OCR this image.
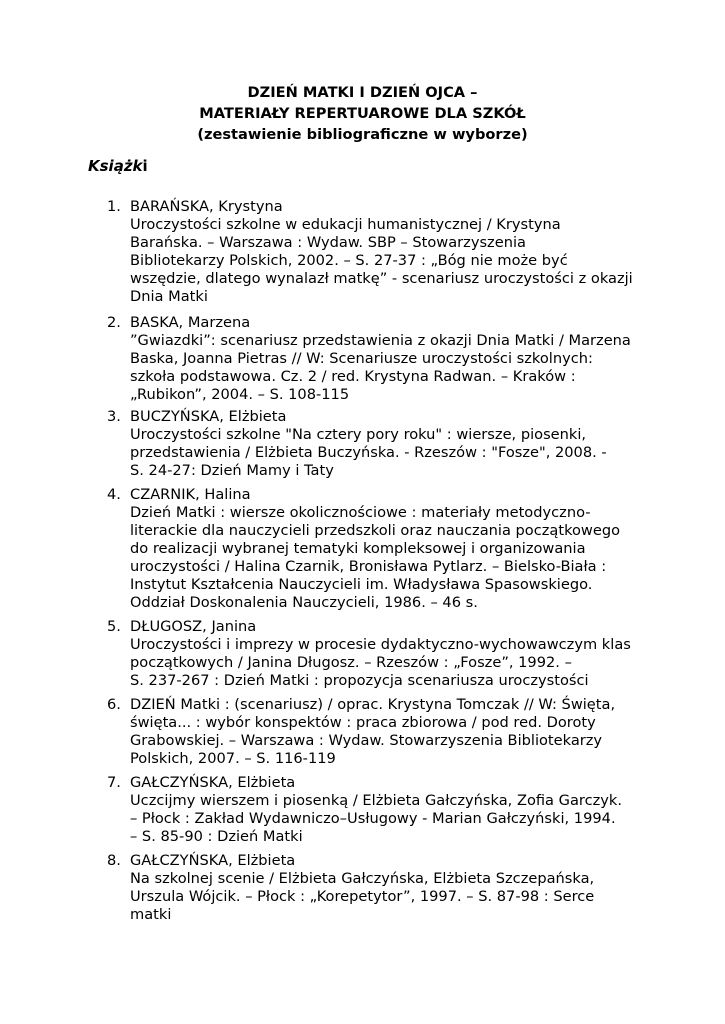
DZIEŃ MATKI I DZIEŃ OJCA –
MATERIAŁY REPERTUAROWE DLA SZKÓŁ
(zestawienie bibliograficzne w wyborze)
Książki
1. BARAŃSKA, Krystyna
Uroczystości szkolne w edukacji humanistycznej / Krystyna
Barańska. – Warszawa : Wydaw. SBP – Stowarzyszenia
Bibliotekarzy Polskich, 2002. – S. 27-37 : „Bóg nie może być
wszędzie, dlatego wynalazł matkę” - scenariusz uroczystości z okazji
Dnia Matki
2. BASKA, Marzena
”Gwiazdki”: scenariusz przedstawienia z okazji Dnia Matki / Marzena
Baska, Joanna Pietras // W: Scenariusze uroczystości szkolnych:
szkoła podstawowa. Cz. 2 / red. Krystyna Radwan. – Kraków :
„Rubikon”, 2004. – S. 108-115
3. BUCZYŃSKA, Elżbieta
Uroczystości szkolne "Na cztery pory roku" : wiersze, piosenki,
przedstawienia / Elżbieta Buczyńska. - Rzeszów : "Fosze", 2008. -
S. 24-27: Dzień Mamy i Taty
4. CZARNIK, Halina
Dzień Matki : wiersze okolicznościowe : materiały metodyczno-
literackie dla nauczycieli przedszkoli oraz nauczania początkowego
do realizacji wybranej tematyki kompleksowej i organizowania
uroczystości / Halina Czarnik, Bronisława Pytlarz. – Bielsko-Biała :
Instytut Kształcenia Nauczycieli im. Władysława Spasowskiego.
Oddział Doskonalenia Nauczycieli, 1986. – 46 s.
5. DŁUGOSZ, Janina
Uroczystości i imprezy w procesie dydaktyczno-wychowawczym klas
początkowych / Janina Długosz. – Rzeszów : „Fosze”, 1992. –
S. 237-267 : Dzień Matki : propozycja scenariusza uroczystości
6. DZIEŃ Matki : (scenariusz) / oprac. Krystyna Tomczak // W: Święta,
święta... : wybór konspektów : praca zbiorowa / pod red. Doroty
Grabowskiej. – Warszawa : Wydaw. Stowarzyszenia Bibliotekarzy
Polskich, 2007. – S. 116-119
7. GAŁCZYŃSKA, Elżbieta
Uczcijmy wierszem i piosenką / Elżbieta Gałczyńska, Zofia Garczyk.
– Płock : Zakład Wydawniczo–Usługowy - Marian Gałczyński, 1994.
– S. 85-90 : Dzień Matki
8. GAŁCZYŃSKA, Elżbieta
Na szkolnej scenie / Elżbieta Gałczyńska, Elżbieta Szczepańska,
Urszula Wójcik. – Płock : „Korepetytor”, 1997. – S. 87-98 : Serce
matki
